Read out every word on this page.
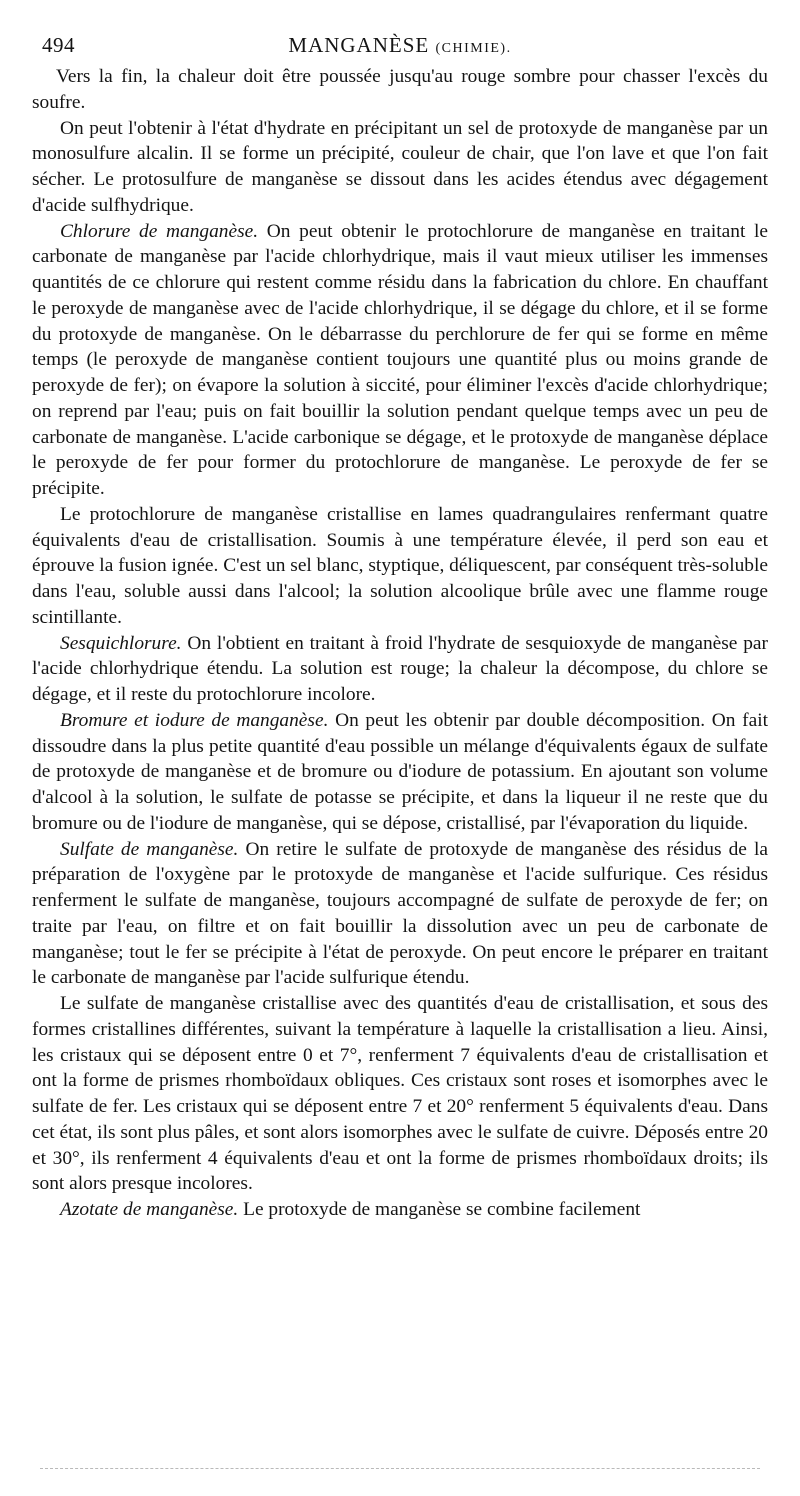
494	MANGANÈSE (CHIMIE).

Vers la fin, la chaleur doit être poussée jusqu'au rouge sombre pour chasser l'excès du soufre.

On peut l'obtenir à l'état d'hydrate en précipitant un sel de protoxyde de manganèse par un monosulfure alcalin. Il se forme un précipité, couleur de chair, que l'on lave et que l'on fait sécher. Le protosulfure de manganèse se dissout dans les acides étendus avec dégagement d'acide sulfhydrique.

Chlorure de manganèse. On peut obtenir le protochlorure de manganèse en traitant le carbonate de manganèse par l'acide chlorhydrique, mais il vaut mieux utiliser les immenses quantités de ce chlorure qui restent comme résidu dans la fabrication du chlore. En chauffant le peroxyde de manganèse avec de l'acide chlorhydrique, il se dégage du chlore, et il se forme du protoxyde de manganèse. On le débarrasse du perchlorure de fer qui se forme en même temps (le peroxyde de manganèse contient toujours une quantité plus ou moins grande de peroxyde de fer); on évapore la solution à siccité, pour éliminer l'excès d'acide chlorhydrique; on reprend par l'eau; puis on fait bouillir la solution pendant quelque temps avec un peu de carbonate de manganèse. L'acide carbonique se dégage, et le protoxyde de manganèse déplace le peroxyde de fer pour former du protochlorure de manganèse. Le peroxyde de fer se précipite.

Le protochlorure de manganèse cristallise en lames quadrangulaires renfermant quatre équivalents d'eau de cristallisation. Soumis à une température élevée, il perd son eau et éprouve la fusion ignée. C'est un sel blanc, styptique, déliquescent, par conséquent très-soluble dans l'eau, soluble aussi dans l'alcool; la solution alcoolique brûle avec une flamme rouge scintillante.

Sesquichlorure. On l'obtient en traitant à froid l'hydrate de sesquioxyde de manganèse par l'acide chlorhydrique étendu. La solution est rouge; la chaleur la décompose, du chlore se dégage, et il reste du protochlorure incolore.

Bromure et iodure de manganèse. On peut les obtenir par double décomposition. On fait dissoudre dans la plus petite quantité d'eau possible un mélange d'équivalents égaux de sulfate de protoxyde de manganèse et de bromure ou d'iodure de potassium. En ajoutant son volume d'alcool à la solution, le sulfate de potasse se précipite, et dans la liqueur il ne reste que du bromure ou de l'iodure de manganèse, qui se dépose, cristallisé, par l'évaporation du liquide.

Sulfate de manganèse. On retire le sulfate de protoxyde de manganèse des résidus de la préparation de l'oxygène par le protoxyde de manganèse et l'acide sulfurique. Ces résidus renferment le sulfate de manganèse, toujours accompagné de sulfate de peroxyde de fer; on traite par l'eau, on filtre et on fait bouillir la dissolution avec un peu de carbonate de manganèse; tout le fer se précipite à l'état de peroxyde. On peut encore le préparer en traitant le carbonate de manganèse par l'acide sulfurique étendu.

Le sulfate de manganèse cristallise avec des quantités d'eau de cristallisation, et sous des formes cristallines différentes, suivant la température à laquelle la cristallisation a lieu. Ainsi, les cristaux qui se déposent entre 0 et 7°, renferment 7 équivalents d'eau de cristallisation et ont la forme de prismes rhomboïdaux obliques. Ces cristaux sont roses et isomorphes avec le sulfate de fer. Les cristaux qui se déposent entre 7 et 20° renferment 5 équivalents d'eau. Dans cet état, ils sont plus pâles, et sont alors isomorphes avec le sulfate de cuivre. Déposés entre 20 et 30°, ils renferment 4 équivalents d'eau et ont la forme de prismes rhomboïdaux droits; ils sont alors presque incolores.

Azotate de manganèse. Le protoxyde de manganèse se combine facilement
